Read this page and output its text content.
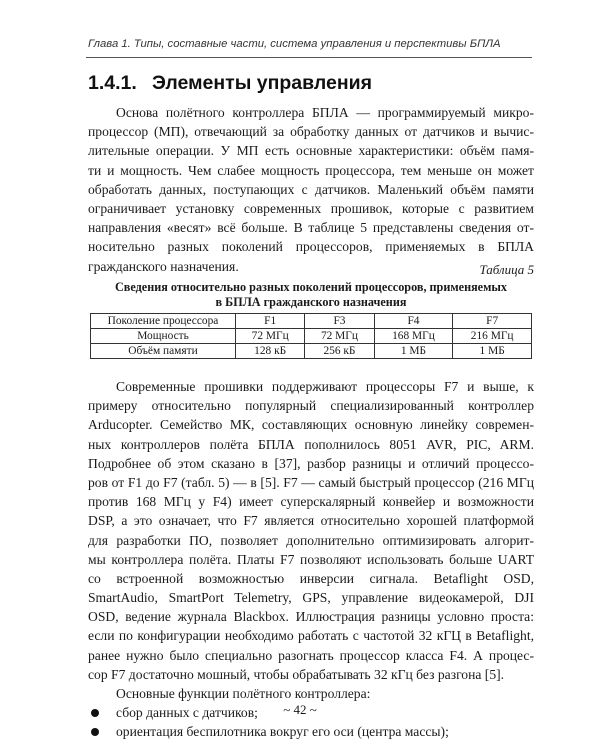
Глава 1. Типы, составные части, система управления и перспективы БПЛА
1.4.1. Элементы управления
Основа полётного контроллера БПЛА — программируемый микро-
процессор (МП), отвечающий за обработку данных от датчиков и вычис-
лительные операции. У МП есть основные характеристики: объём памя-
ти и мощность. Чем слабее мощность процессора, тем меньше он может
обработать данных, поступающих с датчиков. Маленький объём памяти
ограничивает установку современных прошивок, которые с развитием
направления «весят» всё больше. В таблице 5 представлены сведения от-
носительно разных поколений процессоров, применяемых в БПЛА
гражданского назначения.	Таблица 5
Сведения относительно разных поколений процессоров, применяемых
в БПЛА гражданского назначения
Поколение процессора	F1	F3	F4	F7
Мощность	72 МГц	72 МГц	168 МГц	216 МГц
Объём памяти	128 кБ	256 кБ	1 МБ	1 МБ
Современные прошивки поддерживают процессоры F7 и выше, к
примеру относительно популярный специализированный контроллер
Arducopter. Семейство МК, составляющих основную линейку современ-
ных контроллеров полёта БПЛА пополнилось 8051 AVR, PIC, ARM.
Подробнее об этом сказано в [37], разбор разницы и отличий процессо-
ров от F1 до F7 (табл. 5) — в [5]. F7 — самый быстрый процессор (216 МГц
против 168 МГц у F4) имеет суперскалярный конвейер и возможности
DSP, а это означает, что F7 является относительно хорошей платформой
для разработки ПО, позволяет дополнительно оптимизировать алгорит-
мы контроллера полёта. Платы F7 позволяют использовать больше UART
со встроенной возможностью инверсии сигнала. Betaflight OSD,
SmartAudio, SmartPort Telemetry, GPS, управление видеокамерой, DJI
OSD, ведение журнала Blackbox. Иллюстрация разницы условно проста:
если по конфигурации необходимо работать с частотой 32 кГЦ в Betaflight,
ранее нужно было специально разогнать процессор класса F4. А процес-
сор F7 достаточно мошный, чтобы обрабатывать 32 кГц без разгона [5].
Основные функции полётного контроллера:
сбор данных с датчиков;
ориентация беспилотника вокруг его оси (центра массы);
~ 42 ~
